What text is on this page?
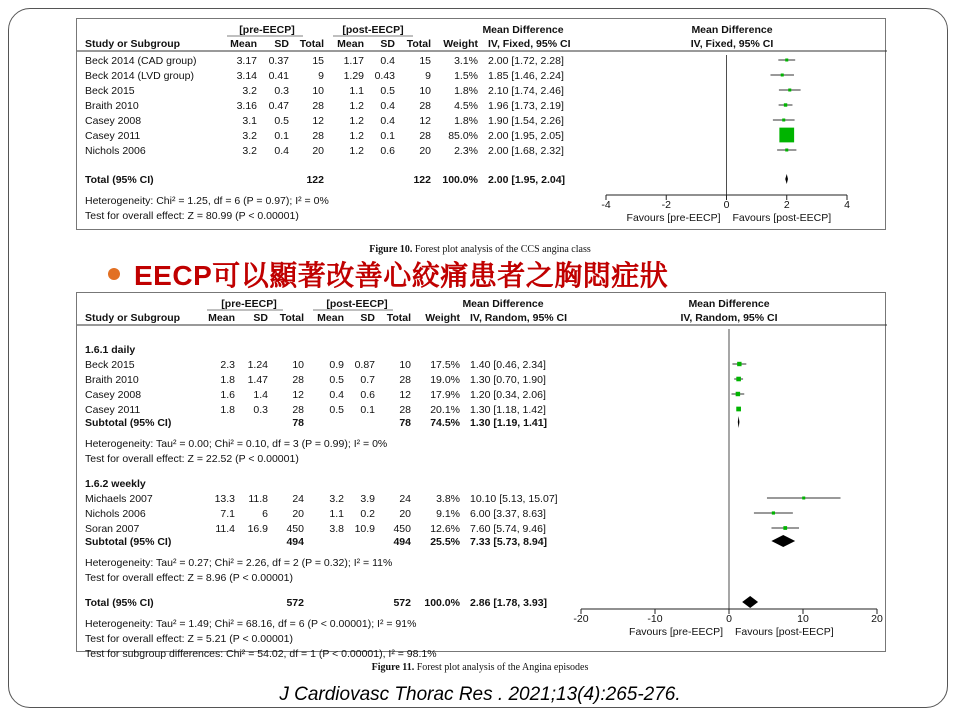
[pre-EECP]	[post-EECP]	Mean Difference	Mean Difference
Study or Subgroup	Mean SD Total Mean SD Total Weight IV, Fixed, 95% CI	IV, Fixed, 95% CI
Beck 2014 (CAD group)	3.17 0.37 15 1.17 0.4 15 3.1% 2.00 [1.72, 2.28]
Beck 2014 (LVD group)	3.14 0.41	9 1.29 0.43	9 1.5% 1.85 [1.46, 2.24]
Beck 2015	3.2 0.3 10 1.1 0.5 10 1.8% 2.10 [1.74, 2.46]
Braith 2010	3.16 0.47 28 1.2 0.4 28 4.5% 1.96 [1.73, 2.19]
Casey 2008	3.1 0.5 12 1.2 0.4 12 1.8% 1.90 [1.54, 2.26]
Casey 2011	3.2 0.1 28 1.2 0.1 28 85.0% 2.00 [1.95, 2.05]
Nichols 2006	3.2 0.4 20 1.2 0.6 20 2.3% 2.00 [1.68, 2.32]
Total (95% CI)	122	122 100.0% 2.00 [1.95, 2.04]
Heterogeneity: Chi² = 1.25, df = 6 (P = 0.97); I² = 0%
Test for overall effect: Z = 80.99 (P < 0.00001)
-4	-2	0	2	4
Favours [pre-EECP] Favours [post-EECP]
Figure 10. Forest plot analysis of the CCS angina class
EECP可以顯著改善心絞痛患者之胸悶症狀
[pre-EECP]	[post-EECP]	Mean Difference	Mean Difference
Study or Subgroup	Mean SD Total Mean SD Total Weight IV, Random, 95% CI	IV, Random, 95% CI
1.6.1 daily
Beck 2015	2.3 1.24 10 0.9 0.87 10 17.5% 1.40 [0.46, 2.34]
Braith 2010	1.8 1.47 28 0.5 0.7 28 19.0% 1.30 [0.70, 1.90]
Casey 2008	1.6 1.4 12 0.4 0.6 12 17.9% 1.20 [0.34, 2.06]
Casey 2011	1.8 0.3 28 0.5 0.1 28 20.1% 1.30 [1.18, 1.42]
Subtotal (95% CI)	78	78 74.5% 1.30 [1.19, 1.41]
Heterogeneity: Tau² = 0.00; Chi² = 0.10, df = 3 (P = 0.99); I² = 0%
Test for overall effect: Z = 22.52 (P < 0.00001)
1.6.2 weekly
Michaels 2007	13.3 11.8 24 3.2 3.9 24 3.8% 10.10 [5.13, 15.07]
Nichols 2006	7.1	6 20 1.1 0.2 20 9.1% 6.00 [3.37, 8.63]
Soran 2007	11.4 16.9 450 3.8 10.9 450 12.6% 7.60 [5.74, 9.46]
Subtotal (95% CI)	494	494 25.5% 7.33 [5.73, 8.94]
Heterogeneity: Tau² = 0.27; Chi² = 2.26, df = 2 (P = 0.32); I² = 11%
Test for overall effect: Z = 8.96 (P < 0.00001)
Total (95% CI)	572	572 100.0% 2.86 [1.78, 3.93]
Heterogeneity: Tau² = 1.49; Chi² = 68.16, df = 6 (P < 0.00001); I² = 91%
Test for overall effect: Z = 5.21 (P < 0.00001)
Test for subgroup differences: Chi² = 54.02, df = 1 (P < 0.00001), I² = 98.1%
-20	-10	0	10	20
Favours [pre-EECP] Favours [post-EECP]
Figure 11. Forest plot analysis of the Angina episodes
J Cardiovasc Thorac Res . 2021;13(4):265-276.
